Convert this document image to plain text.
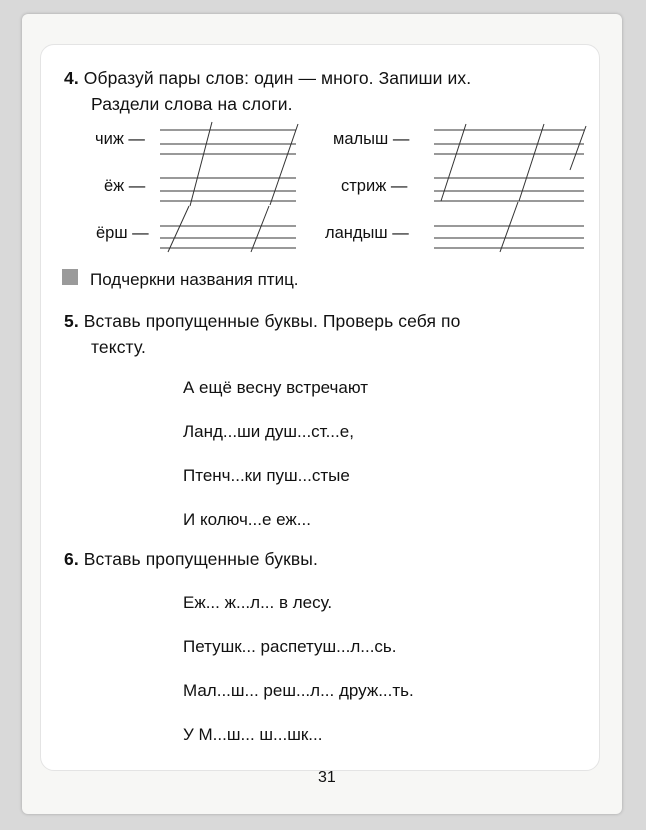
4. Образуй пары слов: один — много. Запиши их.
Раздели слова на слоги.
чиж —
ёж —
ёрш —
малыш —
стриж —
ландыш —
Подчеркни названия птиц.
5. Вставь пропущенные буквы. Проверь себя по
тексту.
А ещё весну встречают
Ланд...ши душ...ст...е,
Птенч...ки пуш...стые
И колюч...е еж...
6. Вставь пропущенные буквы.
Еж... ж...л... в лесу.
Петушк... распетуш...л...сь.
Мал...ш... реш...л... друж...ть.
У М...ш... ш...шк...
31
